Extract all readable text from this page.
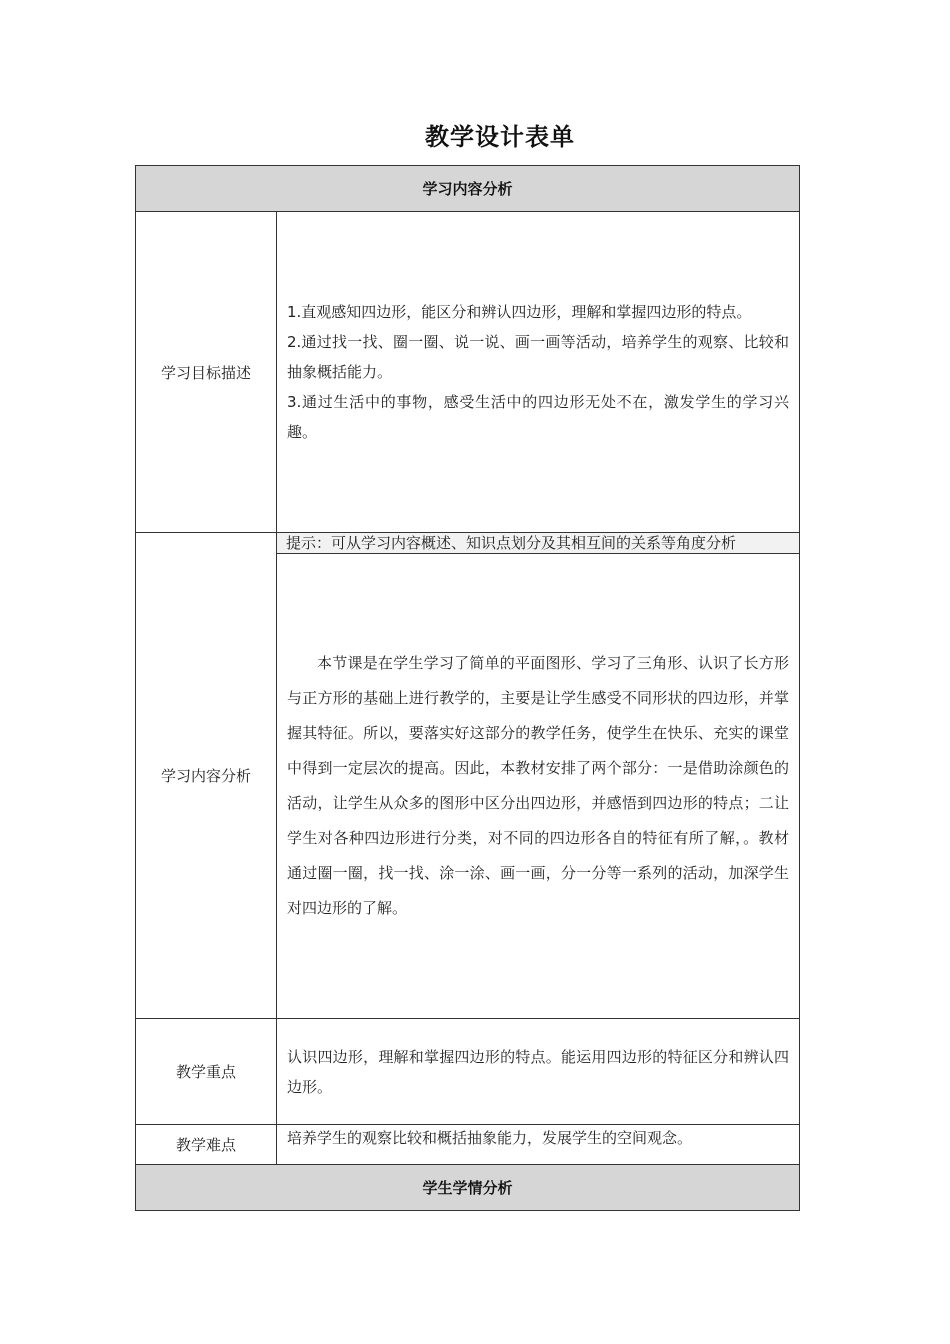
教学设计表单
学习内容分析	
学习目标描述	1.直观感知四边形，能区分和辨认四边形，理解和掌握四边形的特点。
2.通过找一找、圈一圈、说一说、画一画等活动，培养学生的观察、比较和抽象概括能力。
3.通过生活中的事物，感受生活中的四边形无处不在，激发学生的学习兴趣。

学习内容分析	提示：可从学习内容概述、知识点划分及其相互间的关系等角度分析
	本节课是在学生学习了简单的平面图形、学习了三角形、认识了长方形与正方形的基础上进行教学的，主要是让学生感受不同形状的四边形，并掌握其特征。所以，要落实好这部分的教学任务，使学生在快乐、充实的课堂中得到一定层次的提高。因此，本教材安排了两个部分：一是借助涂颜色的活动，让学生从众多的图形中区分出四边形，并感悟到四边形的特点；二让学生对各种四边形进行分类，对不同的四边形各自的特征有所了解，。教材通过圈一圈，找一找、涂一涂、画一画，分一分等一系列的活动，加深学生对四边形的了解。
教学重点	认识四边形，理解和掌握四边形的特点。能运用四边形的特征区分和辨认四边形。
教学难点	培养学生的观察比较和概括抽象能力，发展学生的空间观念。
学生学情分析	
